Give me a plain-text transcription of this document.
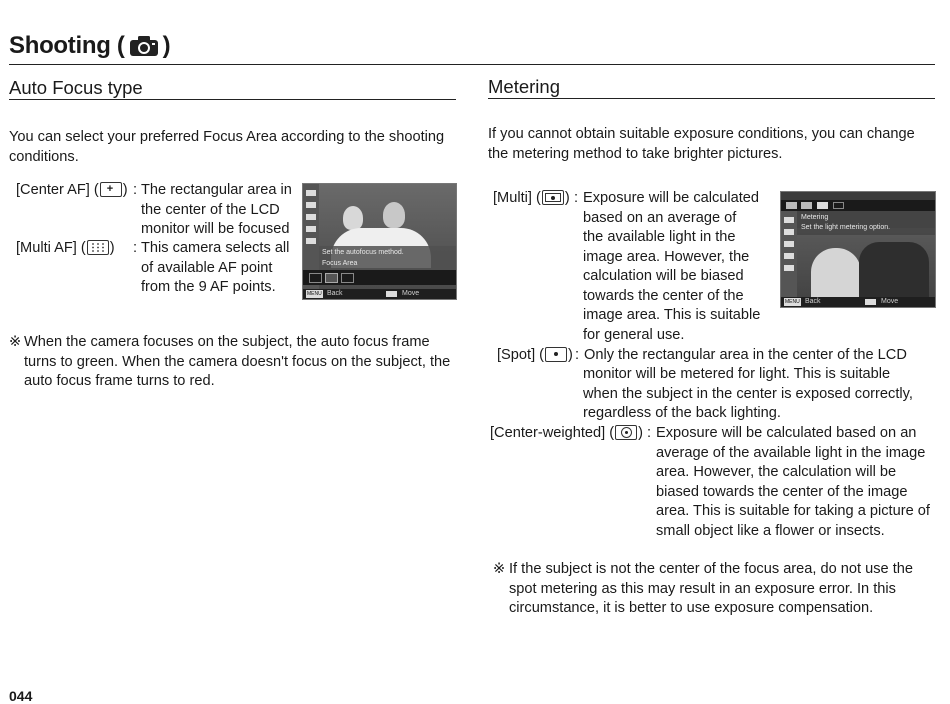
Shooting ( )
Auto Focus type
You can select your preferred Focus Area according to the shooting
conditions.
[Center AF] ( + ) : The rectangular area in
the center of the LCD
monitor will be focused
[Multi AF] ( ) : This camera selects all
of available AF point
from the 9 AF points.
Set the autofocus method.
Focus Area
MENU Back	Move
※ When the camera focuses on the subject, the auto focus frame
turns to green. When the camera doesn't focus on the subject, the
auto focus frame turns to red.
Metering
If you cannot obtain suitable exposure conditions, you can change
the metering method to take brighter pictures.
[Multi] ( ) : Exposure will be calculated
based on an average of
the available light in the
image area. However, the
calculation will be biased
towards the center of the
image area. This is suitable
for general use.
Metering
Set the light metering option.
MENU Back	Move
[Spot] ( ) : Only the rectangular area in the center of the LCD
monitor will be metered for light. This is suitable
when the subject in the center is exposed correctly,
regardless of the back lighting.
[Center-weighted] ( ) : Exposure will be calculated based on an
average of the available light in the image
area. However, the calculation will be
biased towards the center of the image
area. This is suitable for taking a picture of
small object like a flower or insects.
※ If the subject is not the center of the focus area, do not use the
spot metering as this may result in an exposure error. In this
circumstance, it is better to use exposure compensation.
044
